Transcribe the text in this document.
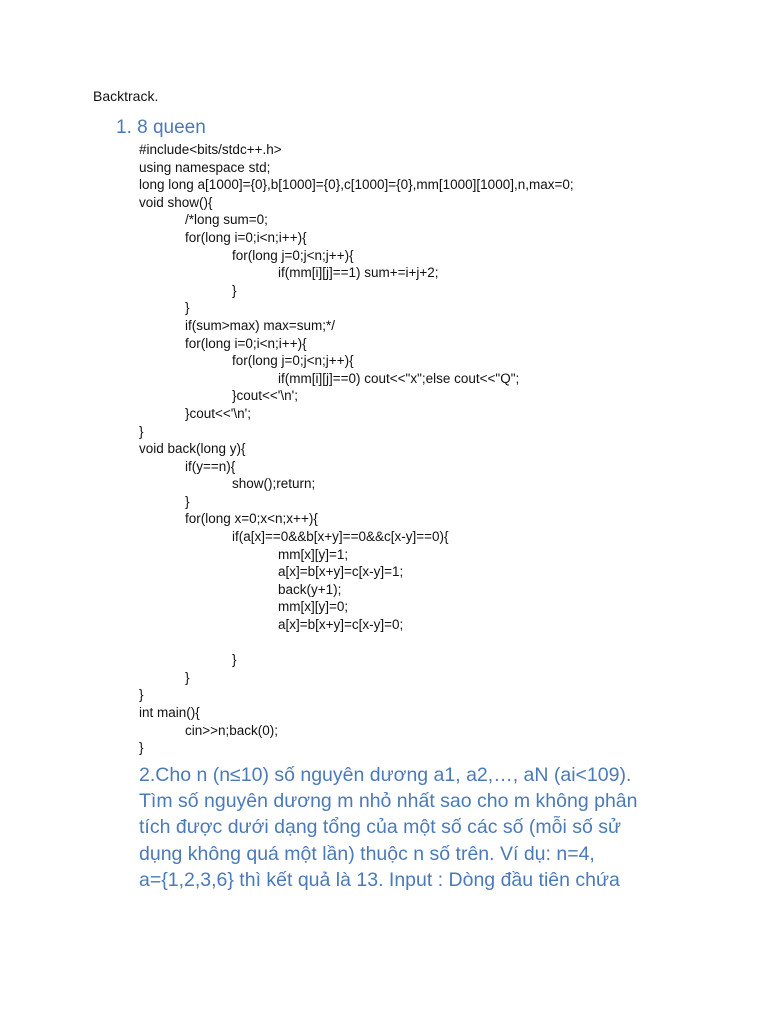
Backtrack.
1. 8 queen
#include<bits/stdc++.h>
using namespace std;
long long a[1000]={0},b[1000]={0},c[1000]={0},mm[1000][1000],n,max=0;
void show(){
/*long sum=0;
for(long i=0;i<n;i++){
for(long j=0;j<n;j++){
if(mm[i][j]==1) sum+=i+j+2;
}
}
if(sum>max) max=sum;*/
for(long i=0;i<n;i++){
for(long j=0;j<n;j++){
if(mm[i][j]==0) cout<<"x";else cout<<"Q";
}cout<<'\n';
}cout<<'\n';
}
void back(long y){
if(y==n){
show();return;
}
for(long x=0;x<n;x++){
if(a[x]==0&&b[x+y]==0&&c[x-y]==0){
mm[x][y]=1;
a[x]=b[x+y]=c[x-y]=1;
back(y+1);
mm[x][y]=0;
a[x]=b[x+y]=c[x-y]=0;
}
}
}
int main(){
cin>>n;back(0);
}
2.Cho n (n≤10) số nguyên dương a1, a2,…, aN (ai<109).
Tìm số nguyên dương m nhỏ nhất sao cho m không phân
tích được dưới dạng tổng của một số các số (mỗi số sử
dụng không quá một lần) thuộc n số trên. Ví dụ: n=4,
a={1,2,3,6} thì kết quả là 13. Input : Dòng đầu tiên chứa
